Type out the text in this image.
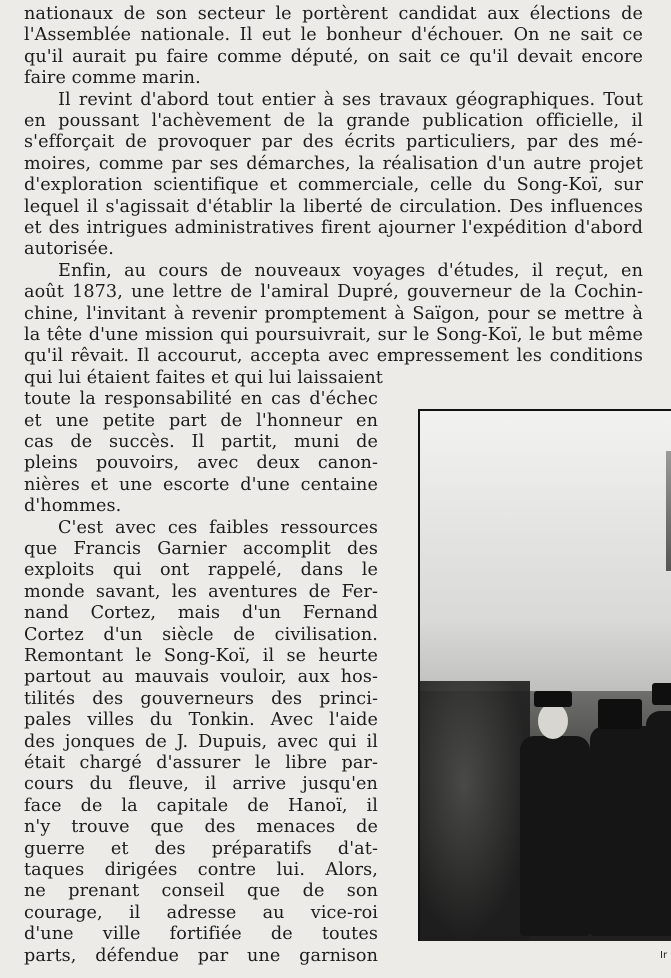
nationaux de son secteur le portèrent candidat aux élections de
l'Assemblée nationale. Il eut le bonheur d'échouer. On ne sait ce
qu'il aurait pu faire comme député, on sait ce qu'il devait encore
faire comme marin.
Il revint d'abord tout entier à ses travaux géographiques. Tout
en poussant l'achèvement de la grande publication officielle, il
s'efforçait de provoquer par des écrits particuliers, par des mé-
moires, comme par ses démarches, la réalisation d'un autre projet
d'exploration scientifique et commerciale, celle du Song-Koï, sur
lequel il s'agissait d'établir la liberté de circulation. Des influences
et des intrigues administratives firent ajourner l'expédition d'abord
autorisée.
Enfin, au cours de nouveaux voyages d'études, il reçut, en
août 1873, une lettre de l'amiral Dupré, gouverneur de la Cochin-
chine, l'invitant à revenir promptement à Saïgon, pour se mettre à
la tête d'une mission qui poursuivrait, sur le Song-Koï, le but même
qu'il rêvait. Il accourut, accepta avec empressement les conditions
qui lui étaient faites et qui lui laissaient
toute la responsabilité en cas d'échec
et une petite part de l'honneur en
cas de succès. Il partit, muni de
pleins pouvoirs, avec deux canon-
nières et une escorte d'une centaine
d'hommes.
C'est avec ces faibles ressources
que Francis Garnier accomplit des
exploits qui ont rappelé, dans le
monde savant, les aventures de Fer-
nand Cortez, mais d'un Fernand
Cortez d'un siècle de civilisation.
Remontant le Song-Koï, il se heurte
partout au mauvais vouloir, aux hos-
tilités des gouverneurs des princi-
pales villes du Tonkin. Avec l'aide
des jonques de J. Dupuis, avec qui il
était chargé d'assurer le libre par-
cours du fleuve, il arrive jusqu'en
face de la capitale de Hanoï, il
n'y trouve que des menaces de
guerre et des préparatifs d'at-
taques dirigées contre lui. Alors,
ne prenant conseil que de son
courage, il adresse au vice-roi
d'une ville fortifiée de toutes
parts, défendue par une garnison	Ir
